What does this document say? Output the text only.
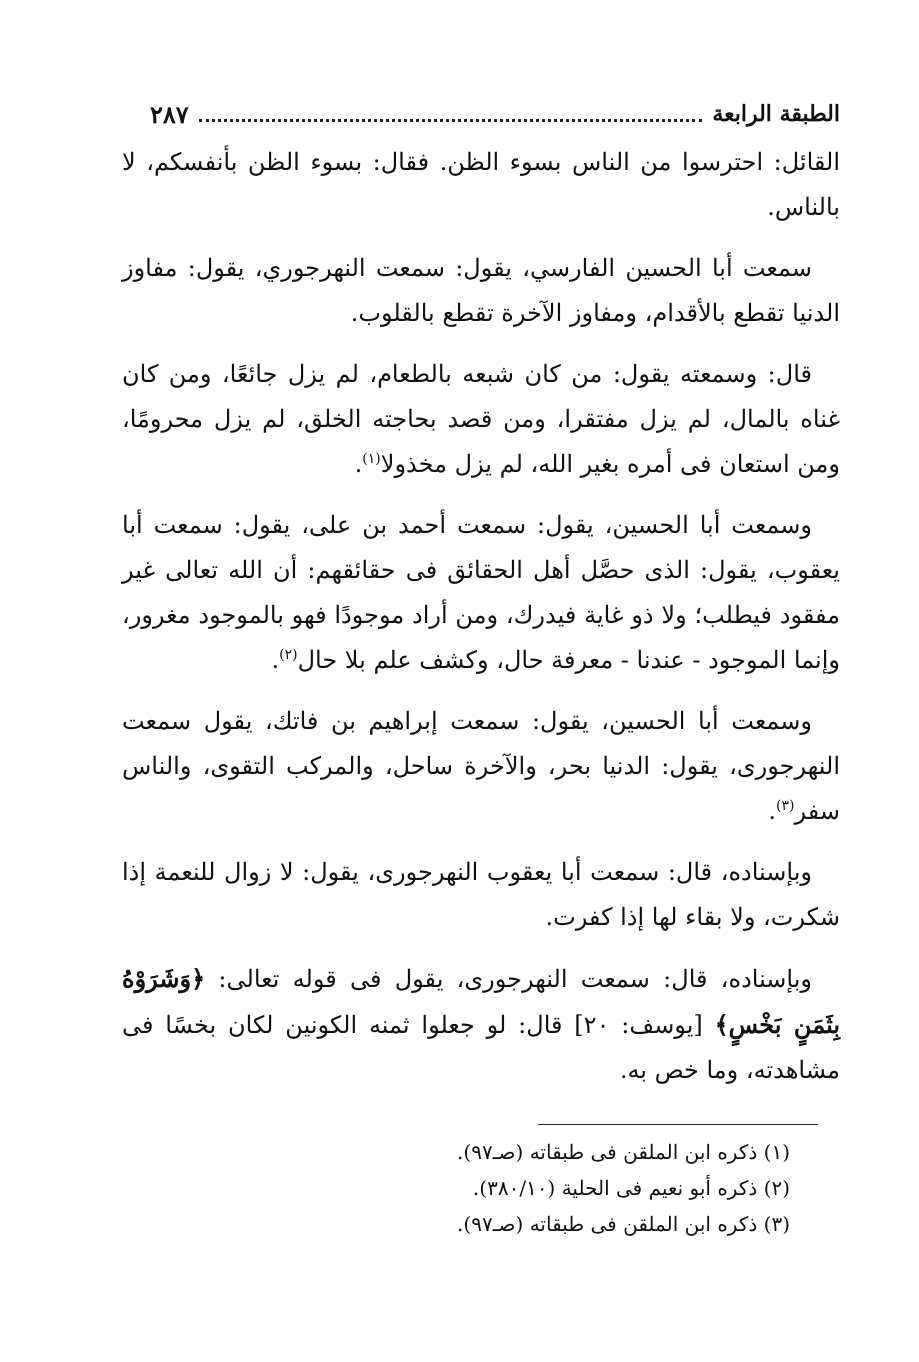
الطبقة الرابعة
٢٨٧

القائل: احترسوا من الناس بسوء الظن. فقال: بسوء الظن بأنفسكم، لا بالناس.

سمعت أبا الحسين الفارسي، يقول: سمعت النهرجوري، يقول: مفاوز الدنيا تقطع بالأقدام، ومفاوز الآخرة تقطع بالقلوب.

قال: وسمعته يقول: من كان شبعه بالطعام، لم يزل جائعًا، ومن كان غناه بالمال، لم يزل مفتقرا، ومن قصد بحاجته الخلق، لم يزل محرومًا، ومن استعان فى أمره بغير الله، لم يزل مخذولا$^{(١)}$.

وسمعت أبا الحسين، يقول: سمعت أحمد بن على، يقول: سمعت أبا يعقوب، يقول: الذى حصَّل أهل الحقائق فى حقائقهم: أن الله تعالى غير مفقود فيطلب؛ ولا ذو غاية فيدرك، ومن أراد موجودًا فهو بالموجود مغرور، وإنما الموجود - عندنا - معرفة حال، وكشف علم بلا حال$^{(٢)}$.

وسمعت أبا الحسين، يقول: سمعت إبراهيم بن فاتك، يقول سمعت النهرجورى، يقول: الدنيا بحر، والآخرة ساحل، والمركب التقوى، والناس سفر$^{(٣)}$.

وبإسناده، قال: سمعت أبا يعقوب النهرجورى، يقول: لا زوال للنعمة إذا شكرت، ولا بقاء لها إذا كفرت.

وبإسناده، قال: سمعت النهرجورى، يقول فى قوله تعالى: ﴿وَشَرَوْهُ بِثَمَنٍ بَخْسٍ﴾ [يوسف: ٢٠] قال: لو جعلوا ثمنه الكونين لكان بخسًا فى مشاهدته، وما خص به.

(١) ذكره ابن الملقن فى طبقاته (صـ٩٧).

(٢) ذكره أبو نعيم فى الحلية (٣٨٠/١٠).

(٣) ذكره ابن الملقن فى طبقاته (صـ٩٧).
